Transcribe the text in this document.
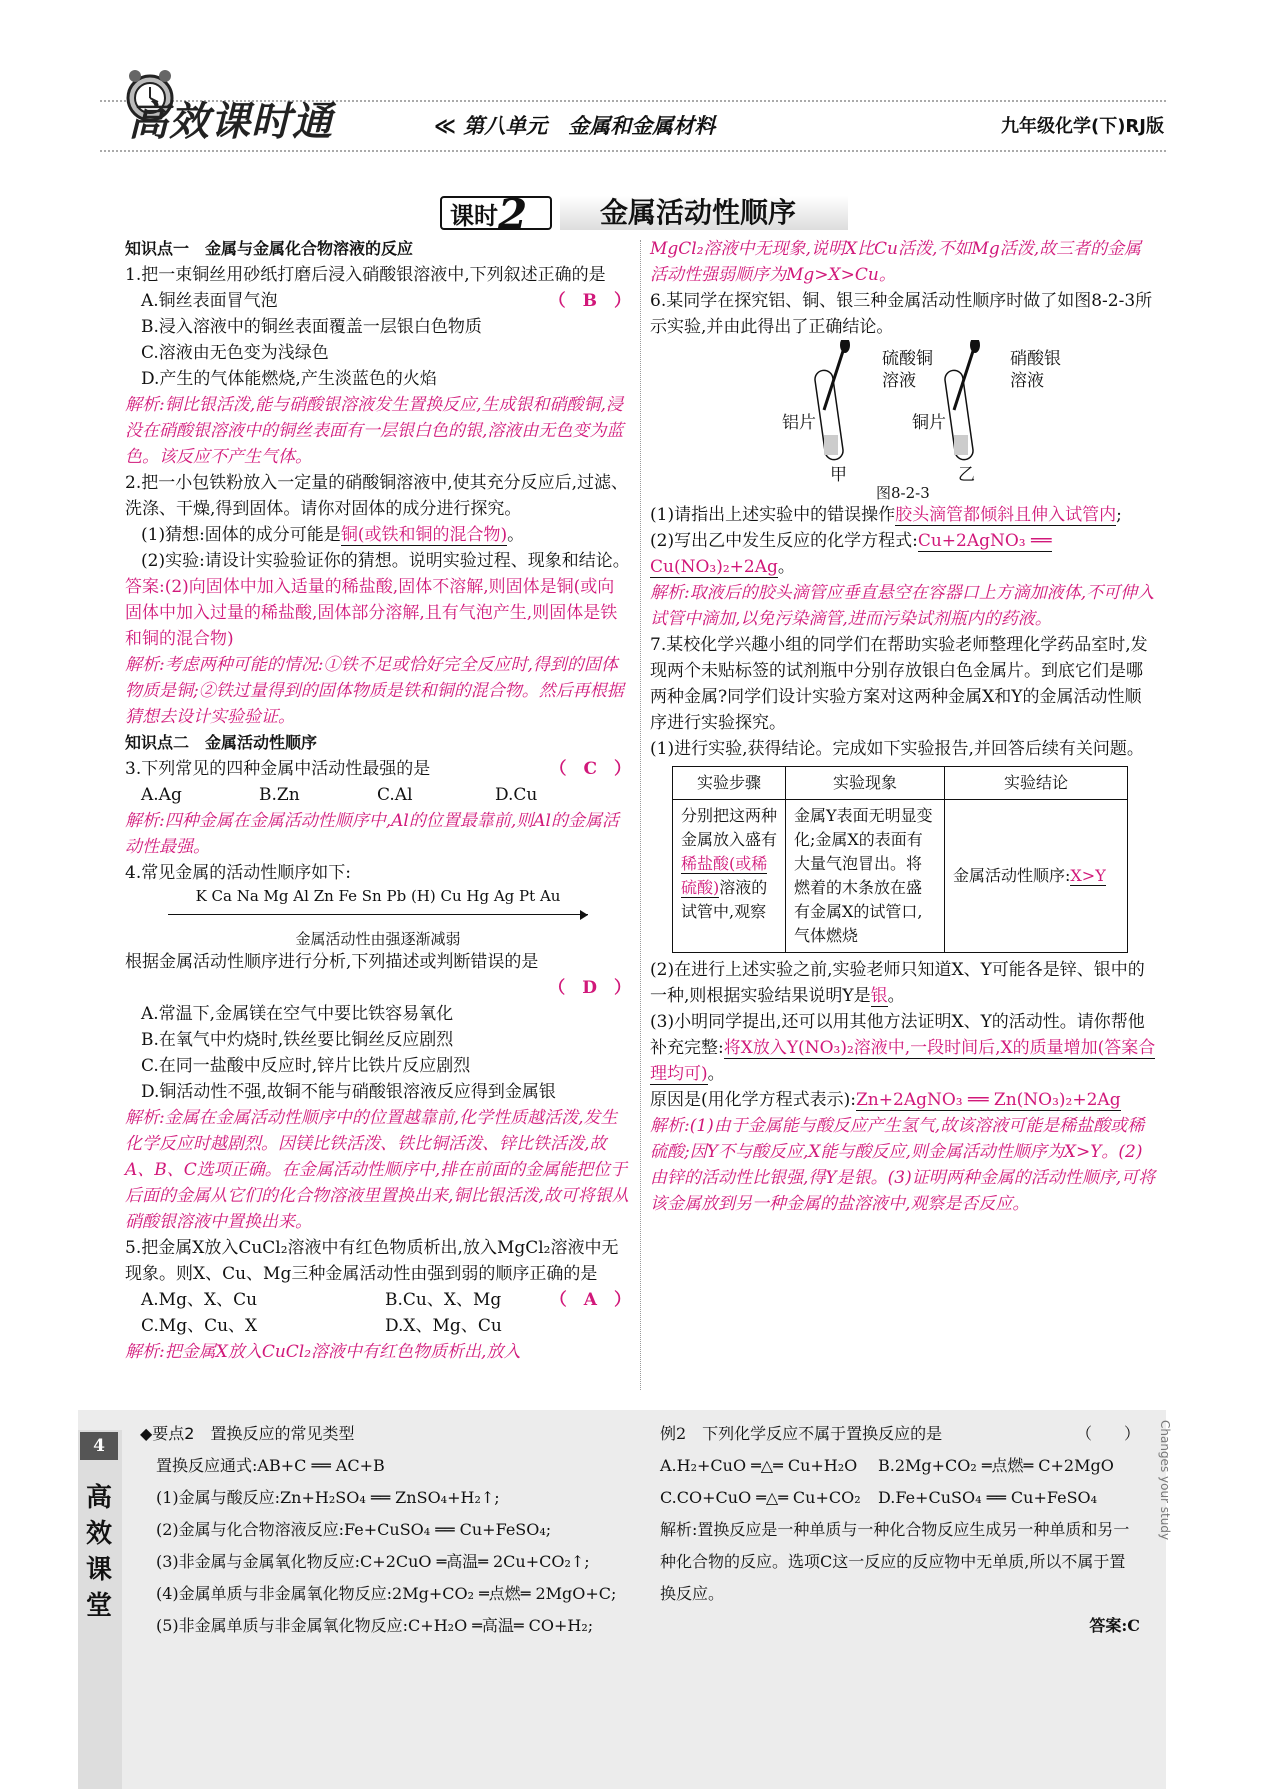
高效课时通	≪ 第八单元　金属和金属材料	九年级化学(下)RJ版
课时2	金属活动性顺序

知识点一　金属与金属化合物溶液的反应

1.把一束铜丝用砂纸打磨后浸入硝酸银溶液中,下列叙述正确的是
（　B　）

A.铜丝表面冒气泡

B.浸入溶液中的铜丝表面覆盖一层银白色物质

C.溶液由无色变为浅绿色

D.产生的气体能燃烧,产生淡蓝色的火焰

解析:铜比银活泼,能与硝酸银溶液发生置换反应,生成银和硝酸铜,浸没在硝酸银溶液中的铜丝表面有一层银白色的银,溶液由无色变为蓝色。该反应不产生气体。

2.把一小包铁粉放入一定量的硝酸铜溶液中,使其充分反应后,过滤、洗涤、干燥,得到固体。请你对固体的成分进行探究。

(1)猜想:固体的成分可能是铜(或铁和铜的混合物)。

(2)实验:请设计实验验证你的猜想。说明实验过程、现象和结论。

答案:(2)向固体中加入适量的稀盐酸,固体不溶解,则固体是铜(或向固体中加入过量的稀盐酸,固体部分溶解,且有气泡产生,则固体是铁和铜的混合物)

解析:考虑两种可能的情况:①铁不足或恰好完全反应时,得到的固体物质是铜;②铁过量得到的固体物质是铁和铜的混合物。然后再根据猜想去设计实验验证。

知识点二　金属活动性顺序

3.下列常见的四种金属中活动性最强的是	（　C　）

A.Ag	B.Zn	C.Al	D.Cu

解析:四种金属在金属活动性顺序中,Al的位置最靠前,则Al的金属活动性最强。

4.常见金属的活动性顺序如下:

K Ca Na Mg Al Zn Fe Sn Pb (H) Cu Hg Ag Pt Au
金属活动性由强逐渐减弱

根据金属活动性顺序进行分析,下列描述或判断错误的是

（　D　）

A.常温下,金属镁在空气中要比铁容易氧化

B.在氧气中灼烧时,铁丝要比铜丝反应剧烈

C.在同一盐酸中反应时,锌片比铁片反应剧烈

D.铜活动性不强,故铜不能与硝酸银溶液反应得到金属银

解析:金属在金属活动性顺序中的位置越靠前,化学性质越活泼,发生化学反应时越剧烈。因镁比铁活泼、铁比铜活泼、锌比铁活泼,故A、B、C选项正确。在金属活动性顺序中,排在前面的金属能把位于后面的金属从它们的化合物溶液里置换出来,铜比银活泼,故可将银从硝酸银溶液中置换出来。

5.把金属X放入CuCl₂溶液中有红色物质析出,放入MgCl₂溶液中无现象。则X、Cu、Mg三种金属活动性由强到弱的顺序正确的是
（　A　）

A.Mg、X、Cu	B.Cu、X、Mg

C.Mg、Cu、X	D.X、Mg、Cu

解析:把金属X放入CuCl₂溶液中有红色物质析出,放入

MgCl₂溶液中无现象,说明X比Cu活泼,不如Mg活泼,故三者的金属活动性强弱顺序为Mg>X>Cu。

6.某同学在探究铝、铜、银三种金属活动性顺序时做了如图8-2-3所示实验,并由此得出了正确结论。

硫酸铜溶液
硝酸银溶液
铝片	铜片
甲	乙
图8-2-3

(1)请指出上述实验中的错误操作胶头滴管都倾斜且伸入试管内;

(2)写出乙中发生反应的化学方程式:Cu+2AgNO₃ ══ Cu(NO₃)₂+2Ag。

解析:取液后的胶头滴管应垂直悬空在容器口上方滴加液体,不可伸入试管中滴加,以免污染滴管,进而污染试剂瓶内的药液。

7.某校化学兴趣小组的同学们在帮助实验老师整理化学药品室时,发现两个未贴标签的试剂瓶中分别存放银白色金属片。到底它们是哪两种金属?同学们设计实验方案对这两种金属X和Y的金属活动性顺序进行实验探究。

(1)进行实验,获得结论。完成如下实验报告,并回答后续有关问题。

实验步骤	实验现象	实验结论
分别把这两种金属放入盛有稀盐酸(或稀硫酸)溶液的试管中,观察	金属Y表面无明显变化;金属X的表面有大量气泡冒出。将燃着的木条放在盛有金属X的试管口,气体燃烧	金属活动性顺序:X>Y

(2)在进行上述实验之前,实验老师只知道X、Y可能各是锌、银中的一种,则根据实验结果说明Y是银。

(3)小明同学提出,还可以用其他方法证明X、Y的活动性。请你帮他补充完整:将X放入Y(NO₃)₂溶液中,一段时间后,X的质量增加(答案合理均可)。

原因是(用化学方程式表示):Zn+2AgNO₃ ══ Zn(NO₃)₂+2Ag

解析:(1)由于金属能与酸反应产生氢气,故该溶液可能是稀盐酸或稀硫酸;因Y不与酸反应,X能与酸反应,则金属活动性顺序为X>Y。(2)由锌的活动性比银强,得Y是银。(3)证明两种金属的活动性顺序,可将该金属放到另一种金属的盐溶液中,观察是否反应。

4
高效课堂
Changes your study

◆要点2　置换反应的常见类型

置换反应通式:AB+C ══ AC+B

(1)金属与酸反应:Zn+H₂SO₄ ══ ZnSO₄+H₂↑;

(2)金属与化合物溶液反应:Fe+CuSO₄ ══ Cu+FeSO₄;

(3)非金属与金属氧化物反应:C+2CuO ═高温═ 2Cu+CO₂↑;

(4)金属单质与非金属氧化物反应:2Mg+CO₂ ═点燃═ 2MgO+C;

(5)非金属单质与非金属氧化物反应:C+H₂O ═高温═ CO+H₂;

例2　下列化学反应不属于置换反应的是	（　　）

A.H₂+CuO ═△═ Cu+H₂O B.2Mg+CO₂ ═点燃═ C+2MgO

C.CO+CuO ═△═ Cu+CO₂ D.Fe+CuSO₄ ══ Cu+FeSO₄

解析:置换反应是一种单质与一种化合物反应生成另一种单质和另一种化合物的反应。选项C这一反应的反应物中无单质,所以不属于置换反应。

答案:C
